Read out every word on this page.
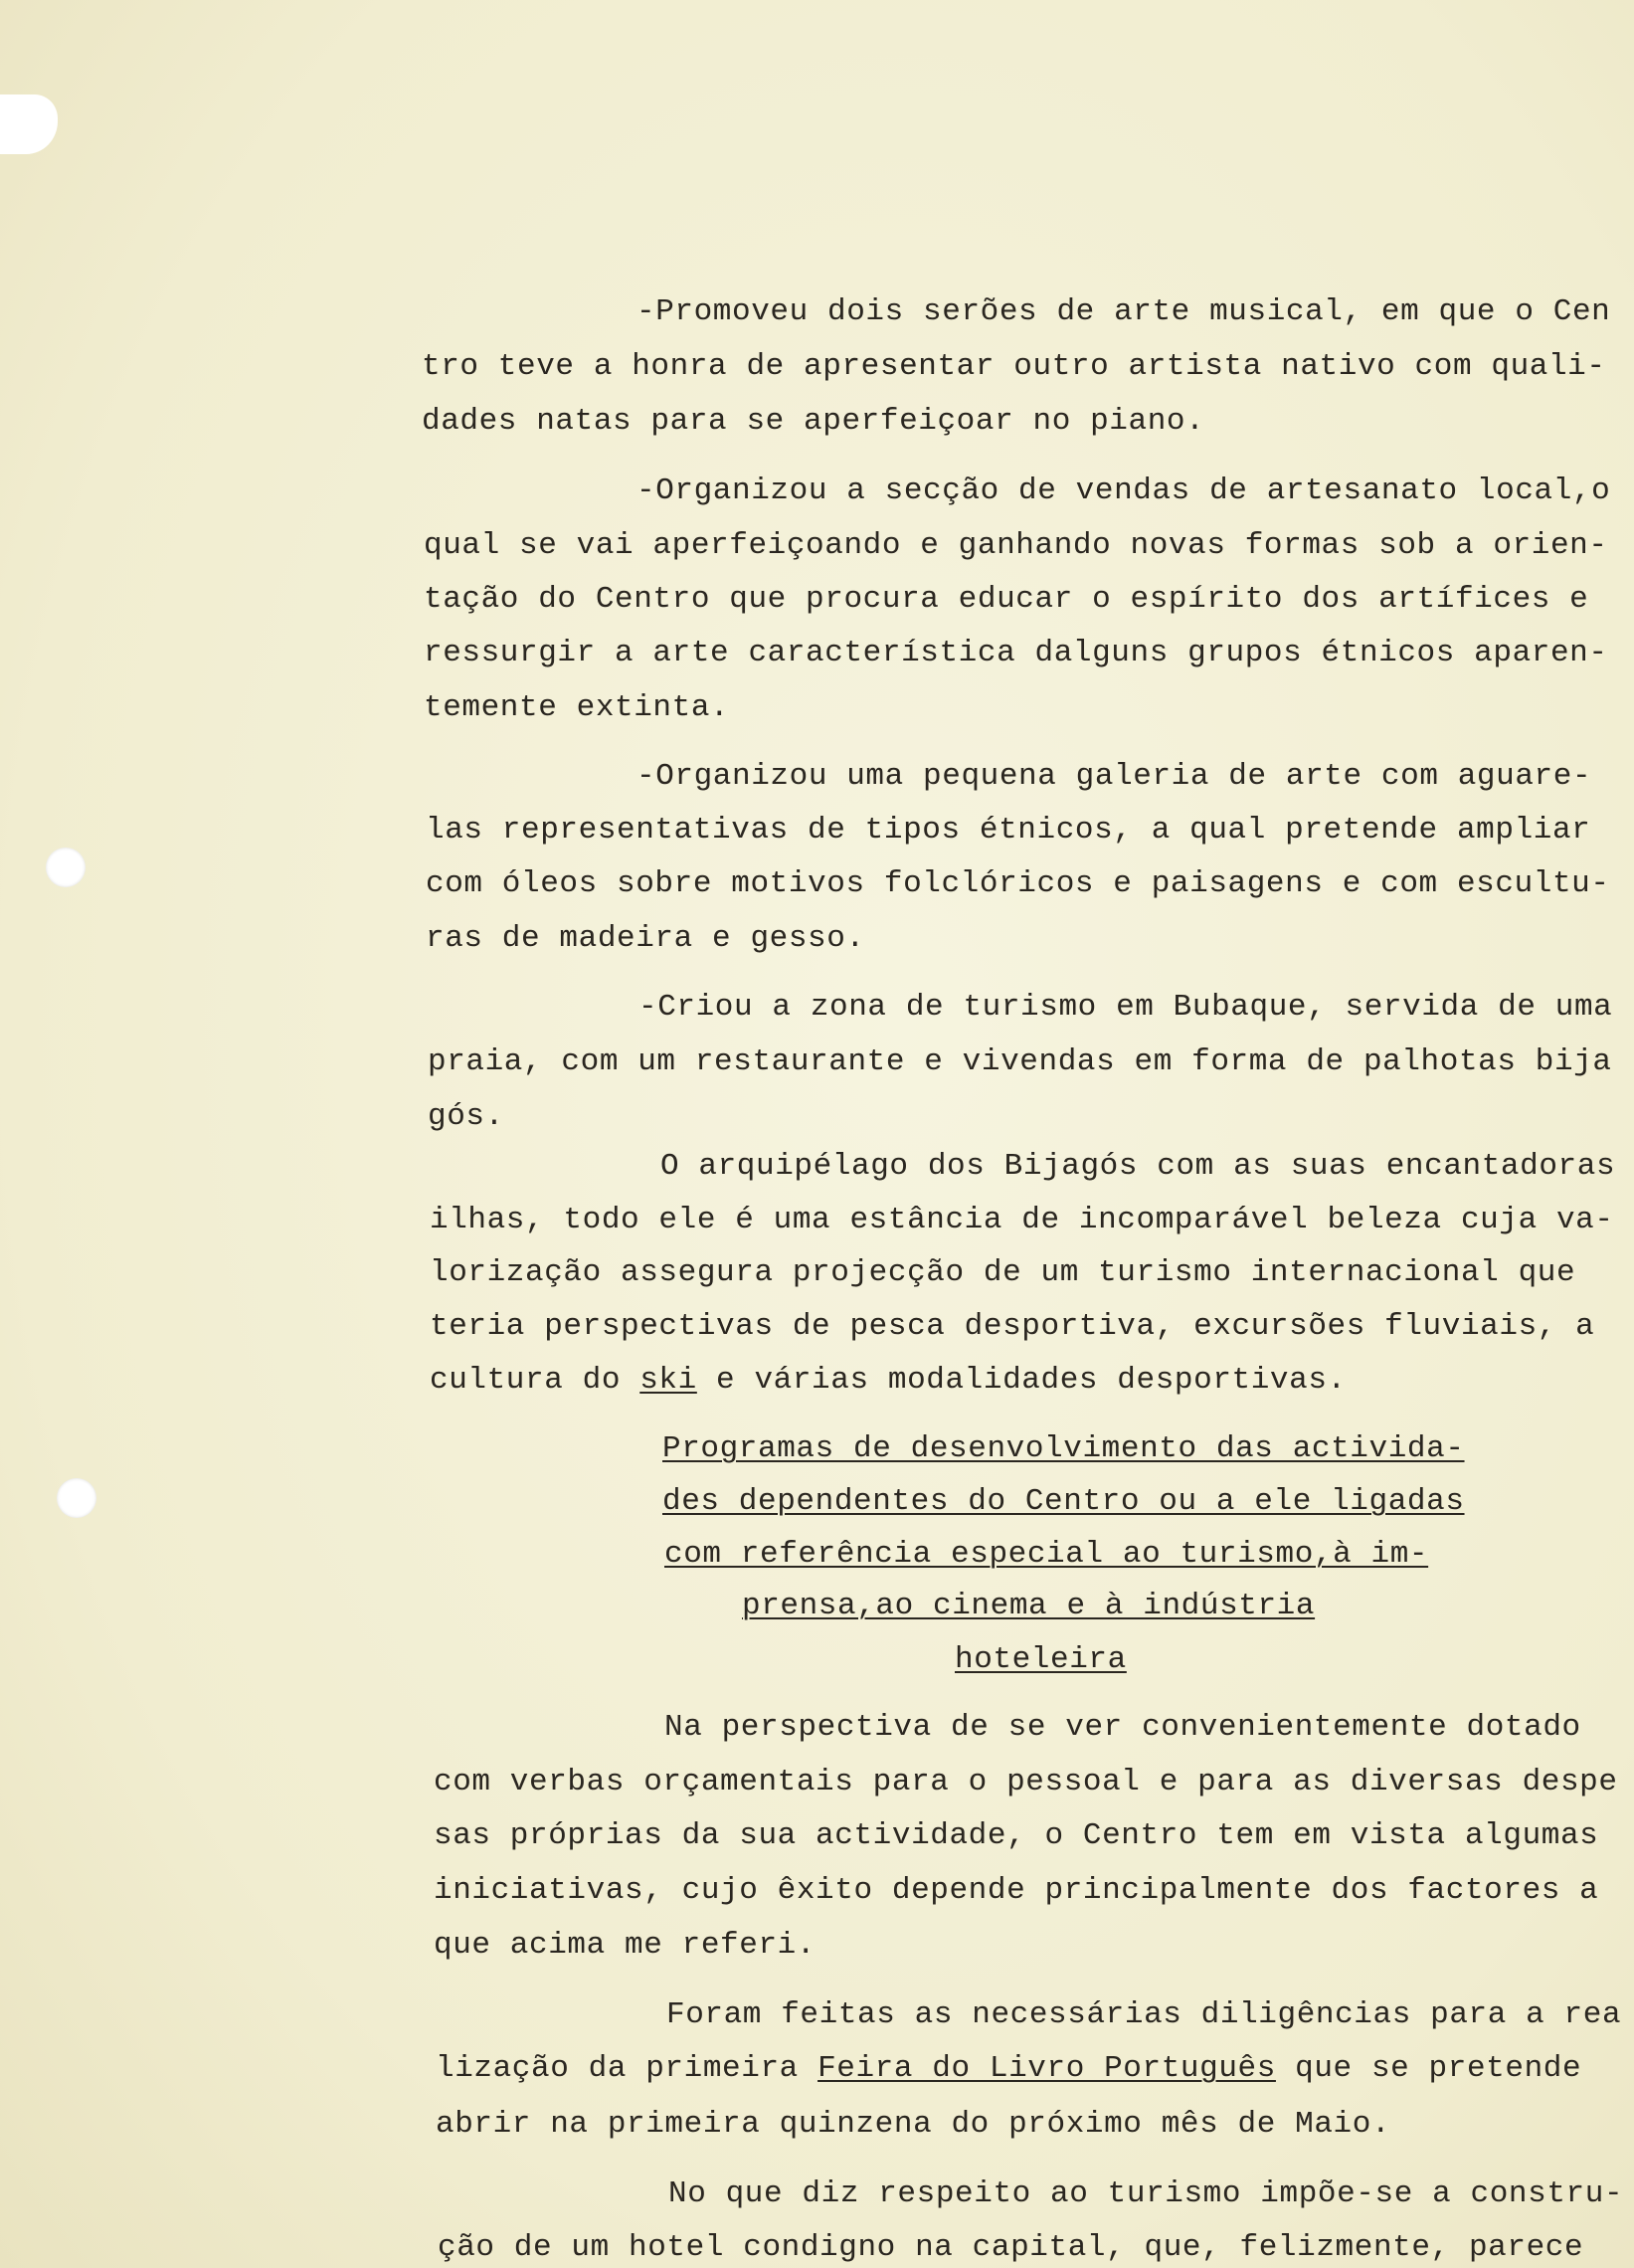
-Promoveu dois serões de arte musical, em que o Cen
tro teve a honra de apresentar outro artista nativo com quali-
dades natas para se aperfeiçoar no piano.
-Organizou a secção de vendas de artesanato local,o
qual se vai aperfeiçoando e ganhando novas formas sob a orien-
tação do Centro que procura educar o espírito dos artífices e
ressurgir a arte característica dalguns grupos étnicos aparen-
temente extinta.
-Organizou uma pequena galeria de arte com aguare-
las representativas de tipos étnicos, a qual pretende ampliar
com óleos sobre motivos folclóricos e paisagens e com escultu-
ras de madeira e gesso.
-Criou a zona de turismo em Bubaque, servida de uma
praia, com um restaurante e vivendas em forma de palhotas bija
gós.
O arquipélago dos Bijagós com as suas encantadoras
ilhas, todo ele é uma estância de incomparável beleza cuja va-
lorização assegura projecção de um turismo internacional que
teria perspectivas de pesca desportiva, excursões fluviais, a
cultura do ski e várias modalidades desportivas.
Programas de desenvolvimento das activida-
des dependentes do Centro ou a ele ligadas
com referência especial ao turismo,à im-
prensa,ao cinema e à indústria
hoteleira
Na perspectiva de se ver convenientemente dotado
com verbas orçamentais para o pessoal e para as diversas despe
sas próprias da sua actividade, o Centro tem em vista algumas
iniciativas, cujo êxito depende principalmente dos factores a
que acima me referi.
Foram feitas as necessárias diligências para a rea
lização da primeira Feira do Livro Português que se pretende
abrir na primeira quinzena do próximo mês de Maio.
No que diz respeito ao turismo impõe-se a constru-
ção de um hotel condigno na capital, que, felizmente, parece
